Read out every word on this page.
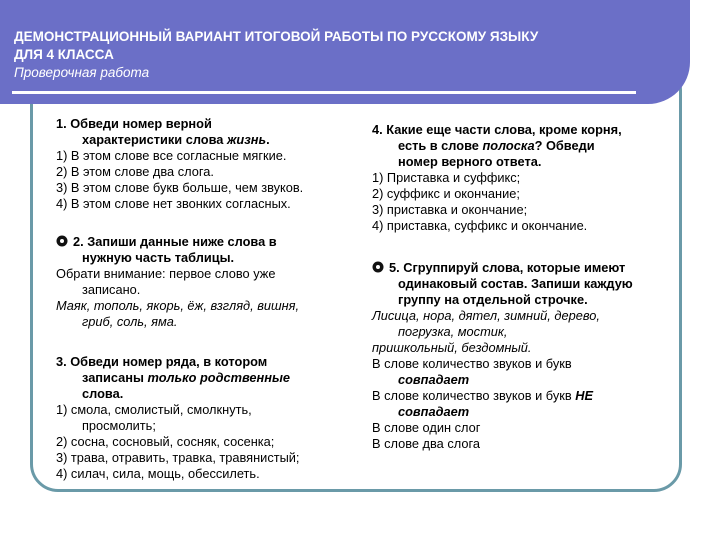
ДЕМОНСТРАЦИОННЫЙ ВАРИАНТ ИТОГОВОЙ РАБОТЫ ПО РУССКОМУ ЯЗЫКУ
ДЛЯ 4 КЛАССА
Проверочная работа
1. Обведи номер верной
характеристики слова жизнь.
1) В этом слове все согласные мягкие.
2) В этом слове два слога.
3) В этом слове букв больше, чем звуков.
4) В этом слове нет звонких согласных.
2. Запиши данные ниже слова в
нужную часть таблицы.
Обрати внимание: первое слово уже
записано.
Маяк, тополь, якорь, ёж, взгляд, вишня,
гриб, соль, яма.
3. Обведи номер ряда, в котором
записаны только родственные
слова.
1) смола, смолистый, смолкнуть,
просмолить;
2) сосна, сосновый, сосняк, сосенка;
3) трава, отравить, травка, травянистый;
4) силач, сила, мощь, обессилеть.
4. Какие еще части слова, кроме корня,
есть в слове полоска? Обведи
номер верного ответа.
1) Приставка и суффикс;
2) суффикс и окончание;
3) приставка и окончание;
4) приставка, суффикс и окончание.
5. Сгруппируй слова, которые имеют
одинаковый состав. Запиши каждую
группу на отдельной строчке.
Лисица, нора, дятел, зимний, дерево,
погрузка, мостик,
пришкольный, бездомный.
В слове количество звуков и букв
совпадает
В слове количество звуков и букв НЕ
совпадает
В слове один слог
В слове два слога
